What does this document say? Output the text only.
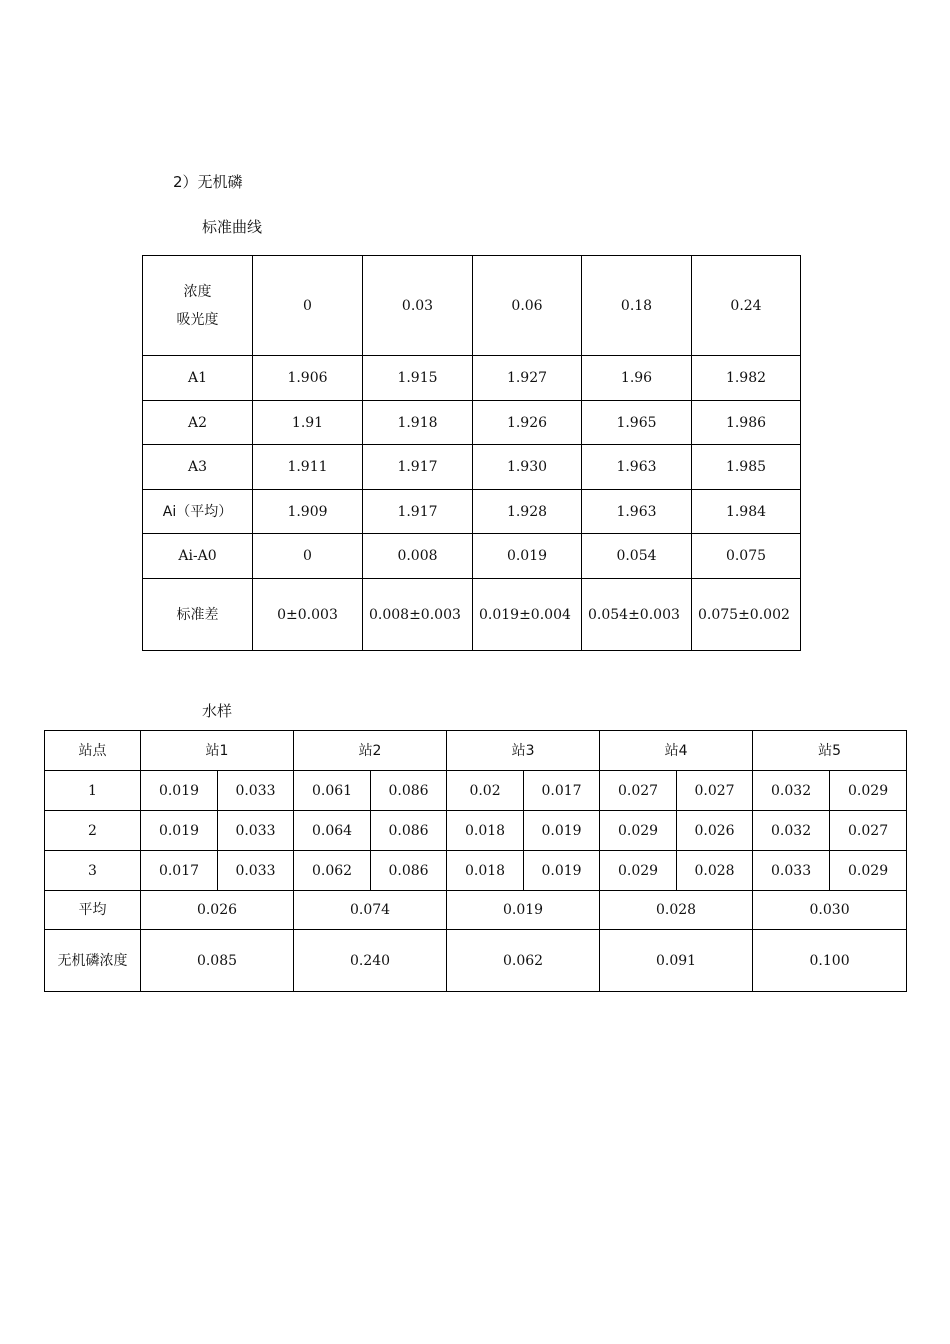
2）无机磷
标准曲线
浓度
吸光度	0	0.03	0.06	0.18	0.24
A1	1.906	1.915	1.927	1.96	1.982
A2	1.91	1.918	1.926	1.965	1.986
A3	1.911	1.917	1.930	1.963	1.985
Ai（平均）	1.909	1.917	1.928	1.963	1.984
Ai-A0	0	0.008	0.019	0.054	0.075
标准差	0±0.003	0.008±0.003	0.019±0.004	0.054±0.003	0.075±0.002
水样
站点	站1		站2		站3		站4		站5	
1	0.019	0.033	0.061	0.086	0.02	0.017	0.027	0.027	0.032	0.029
2	0.019	0.033	0.064	0.086	0.018	0.019	0.029	0.026	0.032	0.027
3	0.017	0.033	0.062	0.086	0.018	0.019	0.029	0.028	0.033	0.029
平均	0.026		0.074		0.019		0.028		0.030	
无机磷浓度	0.085		0.240		0.062		0.091		0.100	
